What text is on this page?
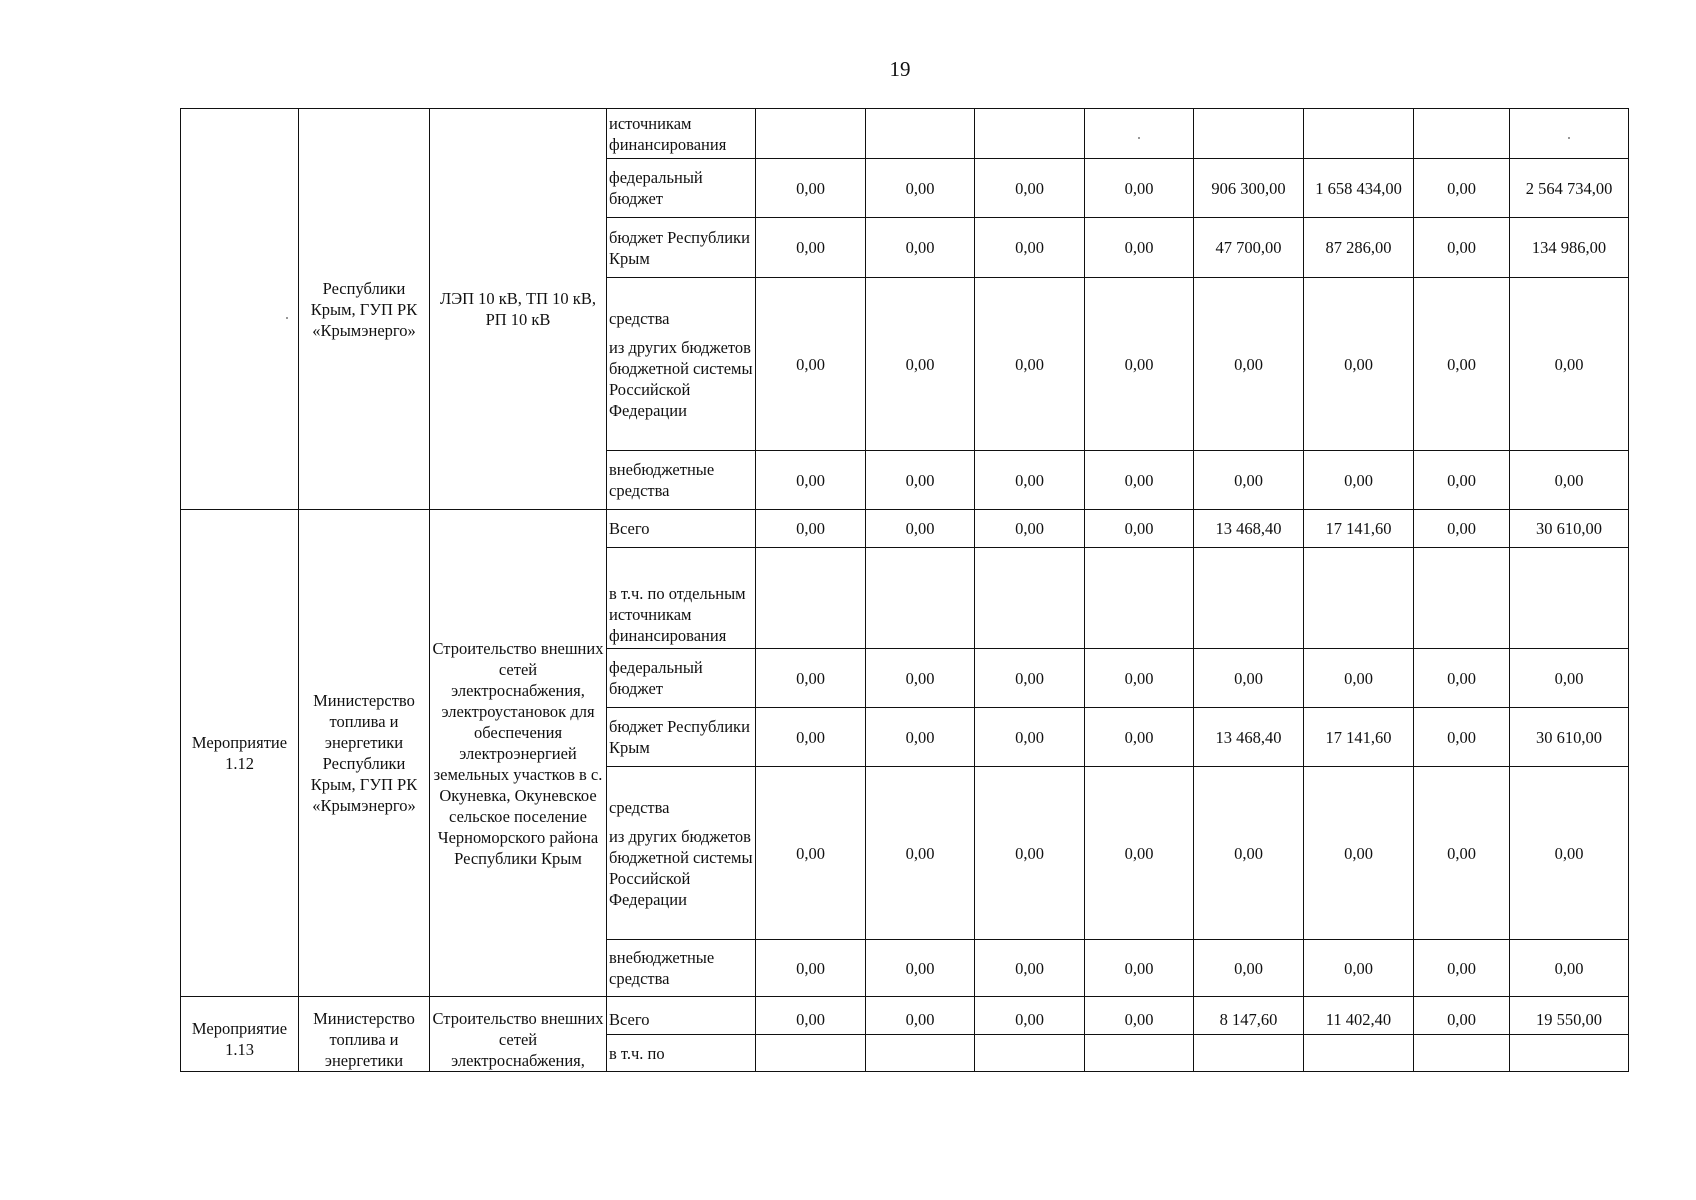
19
	Республики Крым, ГУП РК «Крымэнерго»	ЛЭП 10 кВ, ТП 10 кВ, РП 10 кВ	источникам финансирования								
			федеральный бюджет	0,00	0,00	0,00	0,00	906 300,00	1 658 434,00	0,00	2 564 734,00
			бюджет Республики Крым	0,00	0,00	0,00	0,00	47 700,00	87 286,00	0,00	134 986,00
			средства
из других бюджетов бюджетной системы Российской Федерации	0,00	0,00	0,00	0,00	0,00	0,00	0,00	0,00
			внебюджетные средства	0,00	0,00	0,00	0,00	0,00	0,00	0,00	0,00
Мероприятие 1.12	Министерство топлива и энергетики Республики Крым, ГУП РК «Крымэнерго»	Строительство внешних сетей электроснабжения, электроустановок для обеспечения электроэнергией земельных участков в с. Окуневка, Окуневское сельское поселение Черноморского района Республики Крым	Всего	0,00	0,00	0,00	0,00	13 468,40	17 141,60	0,00	30 610,00
			в т.ч. по отдельным источникам финансирования								
			федеральный бюджет	0,00	0,00	0,00	0,00	0,00	0,00	0,00	0,00
			бюджет Республики Крым	0,00	0,00	0,00	0,00	13 468,40	17 141,60	0,00	30 610,00
			средства
из других бюджетов бюджетной системы Российской Федерации	0,00	0,00	0,00	0,00	0,00	0,00	0,00	0,00
			внебюджетные средства	0,00	0,00	0,00	0,00	0,00	0,00	0,00	0,00
Мероприятие 1.13	Министерство топлива и энергетики	Строительство внешних сетей электроснабжения,	Всего	0,00	0,00	0,00	0,00	8 147,60	11 402,40	0,00	19 550,00
			в т.ч. по								
